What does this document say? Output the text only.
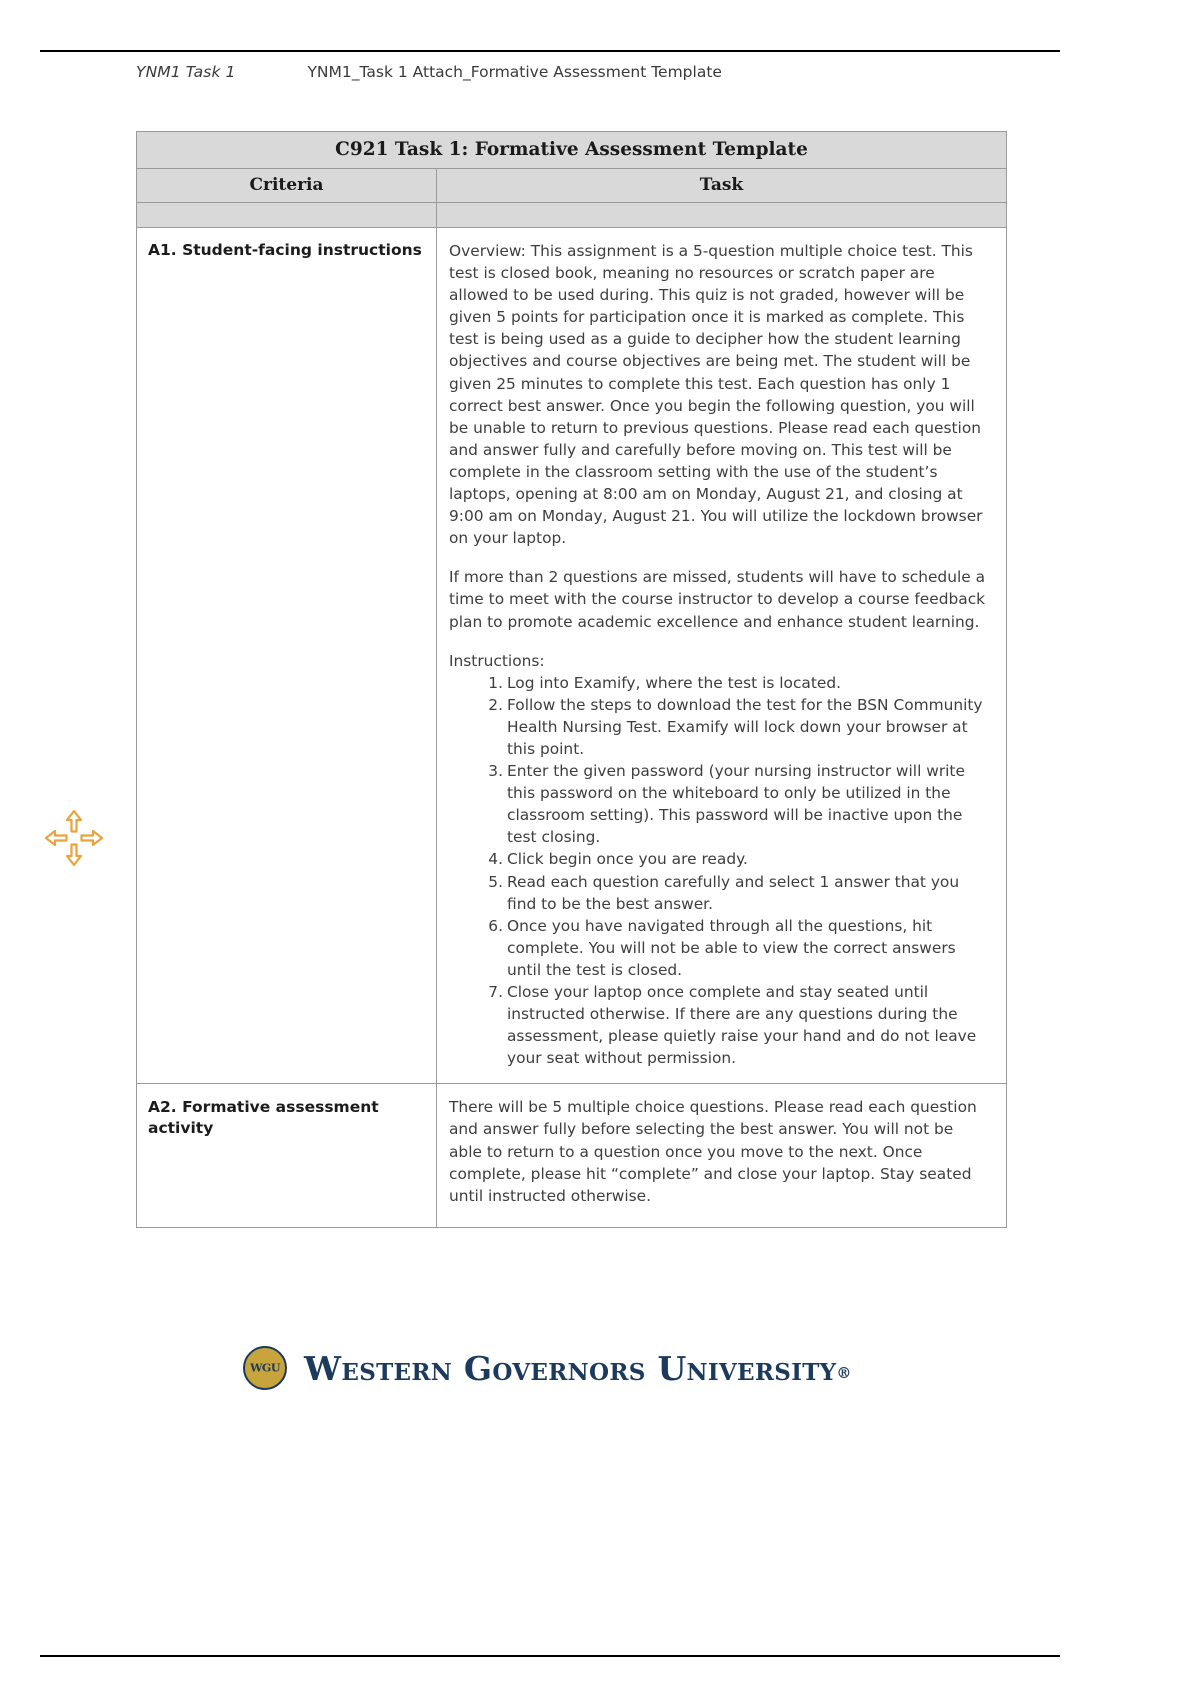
YNM1 Task 1	YNM1_Task 1 Attach_Formative Assessment Template
C921 Task 1: Formative Assessment Template	
Criteria	Task

A1. Student-facing instructions	Overview: This assignment is a 5-question multiple choice test. This test is closed book, meaning no resources or scratch paper are allowed to be used during. This quiz is not graded, however will be given 5 points for participation once it is marked as complete. This test is being used as a guide to decipher how the student learning objectives and course objectives are being met. The student will be given 25 minutes to complete this test. Each question has only 1 correct best answer. Once you begin the following question, you will be unable to return to previous questions. Please read each question and answer fully and carefully before moving on. This test will be complete in the classroom setting with the use of the student’s laptops, opening at 8:00 am on Monday, August 21, and closing at 9:00 am on Monday, August 21. You will utilize the lockdown browser on your laptop.

If more than 2 questions are missed, students will have to schedule a time to meet with the course instructor to develop a course feedback plan to promote academic excellence and enhance student learning.

Instructions:

Log into Examify, where the test is located.
Follow the steps to download the test for the BSN Community Health Nursing Test. Examify will lock down your browser at this point.
Enter the given password (your nursing instructor will write this password on the whiteboard to only be utilized in the classroom setting). This password will be inactive upon the test closing.
Click begin once you are ready.
Read each question carefully and select 1 answer that you find to be the best answer.
Once you have navigated through all the questions, hit complete. You will not be able to view the correct answers until the test is closed.
Close your laptop once complete and stay seated until instructed otherwise. If there are any questions during the assessment, please quietly raise your hand and do not leave your seat without permission.

A2. Formative assessment activity	There will be 5 multiple choice questions. Please read each question and answer fully before selecting the best answer. You will not be able to return to a question once you move to the next. Once complete, please hit “complete” and close your laptop. Stay seated until instructed otherwise.

WGU
Western Governors University®
